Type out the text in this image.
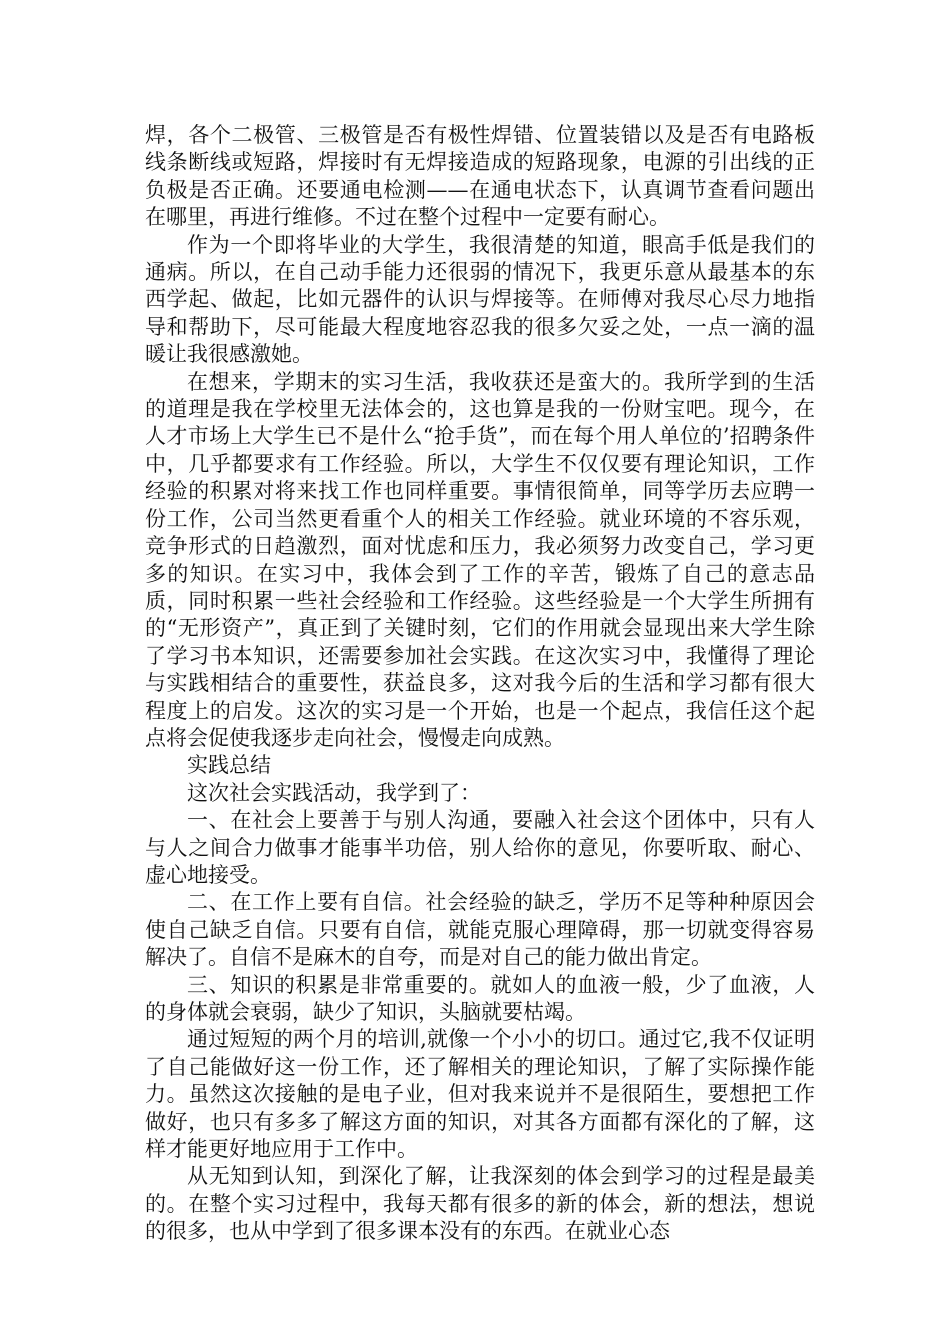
焊，各个二极管、三极管是否有极性焊错、位置装错以及是否有电路板线条断线或短路，焊接时有无焊接造成的短路现象，电源的引出线的正负极是否正确。还要通电检测——在通电状态下，认真调节查看问题出在哪里，再进行维修。不过在整个过程中一定要有耐心。

作为一个即将毕业的大学生，我很清楚的知道，眼高手低是我们的通病。所以，在自己动手能力还很弱的情况下，我更乐意从最基本的东西学起、做起，比如元器件的认识与焊接等。在师傅对我尽心尽力地指导和帮助下，尽可能最大程度地容忍我的很多欠妥之处，一点一滴的温暖让我很感激她。

在想来，学期末的实习生活，我收获还是蛮大的。我所学到的生活的道理是我在学校里无法体会的，这也算是我的一份财宝吧。现今，在人才市场上大学生已不是什么“抢手货”，而在每个用人单位的’招聘条件中，几乎都要求有工作经验。所以，大学生不仅仅要有理论知识，工作经验的积累对将来找工作也同样重要。事情很简单，同等学历去应聘一份工作，公司当然更看重个人的相关工作经验。就业环境的不容乐观，竞争形式的日趋激烈，面对忧虑和压力，我必须努力改变自己，学习更多的知识。在实习中，我体会到了工作的辛苦，锻炼了自己的意志品质，同时积累一些社会经验和工作经验。这些经验是一个大学生所拥有的“无形资产”，真正到了关键时刻，它们的作用就会显现出来大学生除了学习书本知识，还需要参加社会实践。在这次实习中，我懂得了理论与实践相结合的重要性，获益良多，这对我今后的生活和学习都有很大程度上的启发。这次的实习是一个开始，也是一个起点，我信任这个起点将会促使我逐步走向社会，慢慢走向成熟。

实践总结

这次社会实践活动，我学到了：

一、在社会上要善于与别人沟通，要融入社会这个团体中，只有人与人之间合力做事才能事半功倍，别人给你的意见，你要听取、耐心、虚心地接受。

二、在工作上要有自信。社会经验的缺乏，学历不足等种种原因会使自己缺乏自信。只要有自信，就能克服心理障碍，那一切就变得容易解决了。自信不是麻木的自夸，而是对自己的能力做出肯定。

三、知识的积累是非常重要的。就如人的血液一般，少了血液，人的身体就会衰弱，缺少了知识，头脑就要枯竭。

通过短短的两个月的培训,就像一个小小的切口。通过它,我不仅证明了自己能做好这一份工作，还了解相关的理论知识，了解了实际操作能力。虽然这次接触的是电子业，但对我来说并不是很陌生，要想把工作做好，也只有多多了解这方面的知识，对其各方面都有深化的了解，这样才能更好地应用于工作中。

从无知到认知，到深化了解，让我深刻的体会到学习的过程是最美的。在整个实习过程中，我每天都有很多的新的体会，新的想法，想说的很多，也从中学到了很多课本没有的东西。在就业心态
